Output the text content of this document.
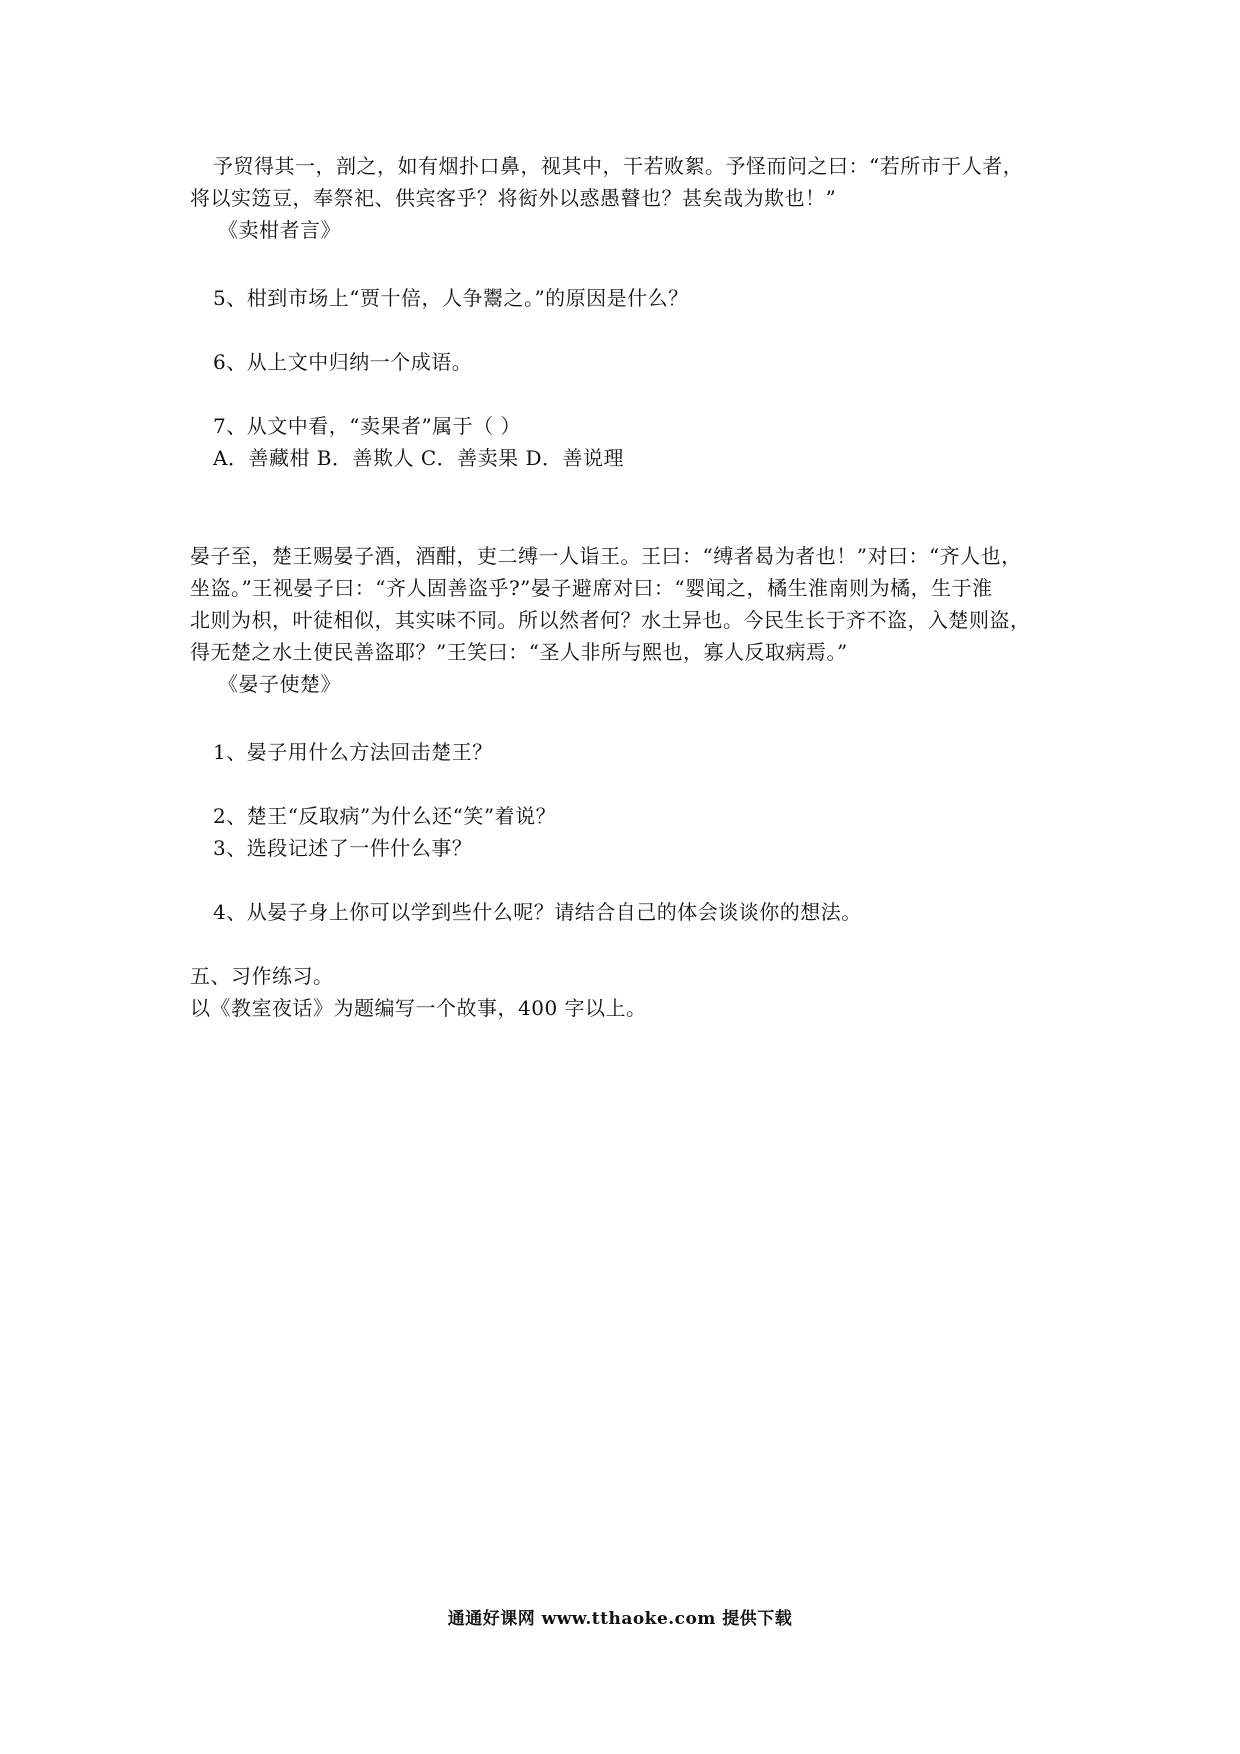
予贸得其一，剖之，如有烟扑口鼻，视其中，干若败絮。予怪而问之曰：“若所市于人者，
将以实笾豆，奉祭祀、供宾客乎？将衒外以惑愚瞽也？甚矣哉为欺也！”
《卖柑者言》
5、柑到市场上“贾十倍，人争鬻之。”的原因是什么？
6、从上文中归纳一个成语。
7、从文中看，“卖果者”属于（ ）
A．善藏柑 B．善欺人 C．善卖果 D．善说理
晏子至，楚王赐晏子酒，酒酣，吏二缚一人诣王。王曰：“缚者曷为者也！”对曰：“齐人也，
坐盗。”王视晏子曰：“齐人固善盗乎?”晏子避席对曰：“婴闻之，橘生淮南则为橘，生于淮
北则为枳，叶徒相似，其实味不同。所以然者何？水土异也。今民生长于齐不盗，入楚则盗，
得无楚之水土使民善盗耶？”王笑曰：“圣人非所与熙也，寡人反取病焉。”
《晏子使楚》
1、晏子用什么方法回击楚王？
2、楚王“反取病”为什么还“笑”着说？
3、选段记述了一件什么事？
4、从晏子身上你可以学到些什么呢？请结合自己的体会谈谈你的想法。
五、习作练习。
以《教室夜话》为题编写一个故事，400 字以上。
通通好课网 www.tthaoke.com 提供下载
